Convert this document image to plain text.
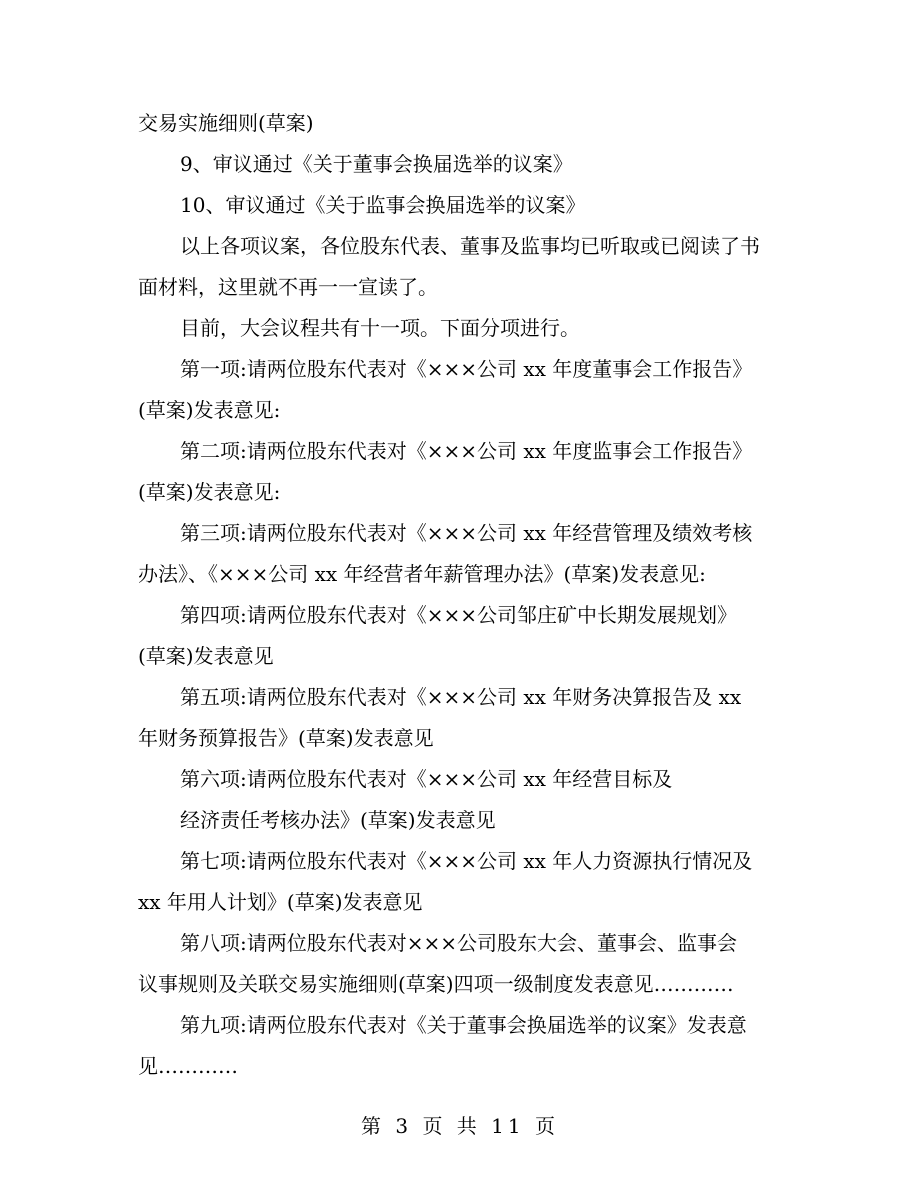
交易实施细则(草案)
9、审议通过《关于董事会换届选举的议案》
10、审议通过《关于监事会换届选举的议案》
以上各项议案，各位股东代表、董事及监事均已听取或已阅读了书
面材料，这里就不再一一宣读了。
目前，大会议程共有十一项。下面分项进行。
第一项:请两位股东代表对《×××公司 xx 年度董事会工作报告》
(草案)发表意见:
第二项:请两位股东代表对《×××公司 xx 年度监事会工作报告》
(草案)发表意见:
第三项:请两位股东代表对《×××公司 xx 年经营管理及绩效考核
办法》、《×××公司 xx 年经营者年薪管理办法》(草案)发表意见:
第四项:请两位股东代表对《×××公司邹庄矿中长期发展规划》
(草案)发表意见
第五项:请两位股东代表对《×××公司 xx 年财务决算报告及 xx
年财务预算报告》(草案)发表意见
第六项:请两位股东代表对《×××公司 xx 年经营目标及
经济责任考核办法》(草案)发表意见
第七项:请两位股东代表对《×××公司 xx 年人力资源执行情况及
xx 年用人计划》(草案)发表意见
第八项:请两位股东代表对×××公司股东大会、董事会、监事会
议事规则及关联交易实施细则(草案)四项一级制度发表意见…………
第九项:请两位股东代表对《关于董事会换届选举的议案》发表意
见…………
第 3 页 共 11 页
